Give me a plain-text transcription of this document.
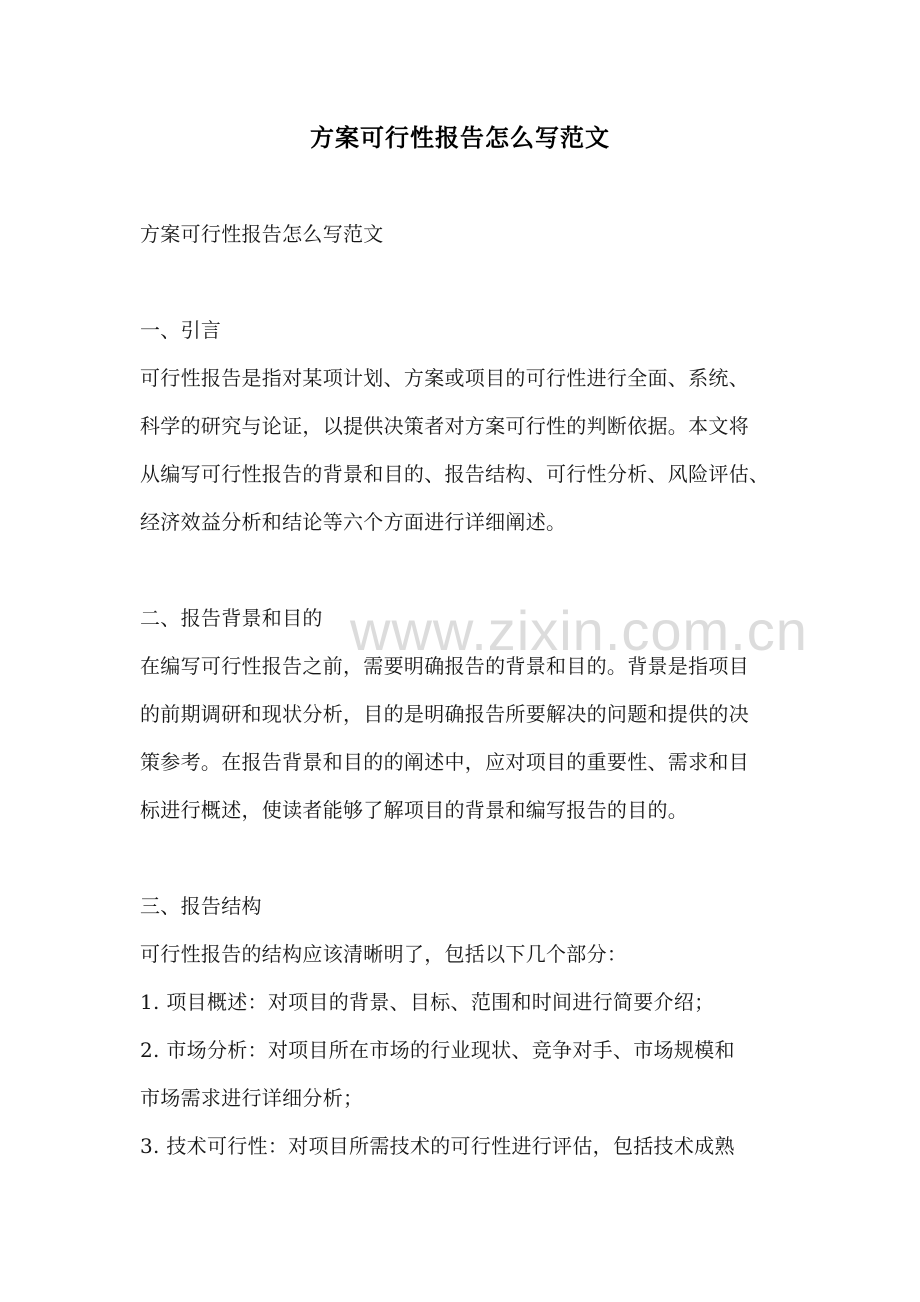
www.zixin.com.cn
方案可行性报告怎么写范文
方案可行性报告怎么写范文
一、引言
可行性报告是指对某项计划、方案或项目的可行性进行全面、系统、
科学的研究与论证，以提供决策者对方案可行性的判断依据。本文将
从编写可行性报告的背景和目的、报告结构、可行性分析、风险评估、
经济效益分析和结论等六个方面进行详细阐述。
二、报告背景和目的
在编写可行性报告之前，需要明确报告的背景和目的。背景是指项目
的前期调研和现状分析，目的是明确报告所要解决的问题和提供的决
策参考。在报告背景和目的的阐述中，应对项目的重要性、需求和目
标进行概述，使读者能够了解项目的背景和编写报告的目的。
三、报告结构
可行性报告的结构应该清晰明了，包括以下几个部分：
1. 项目概述：对项目的背景、目标、范围和时间进行简要介绍；
2. 市场分析：对项目所在市场的行业现状、竞争对手、市场规模和
市场需求进行详细分析；
3. 技术可行性：对项目所需技术的可行性进行评估，包括技术成熟
